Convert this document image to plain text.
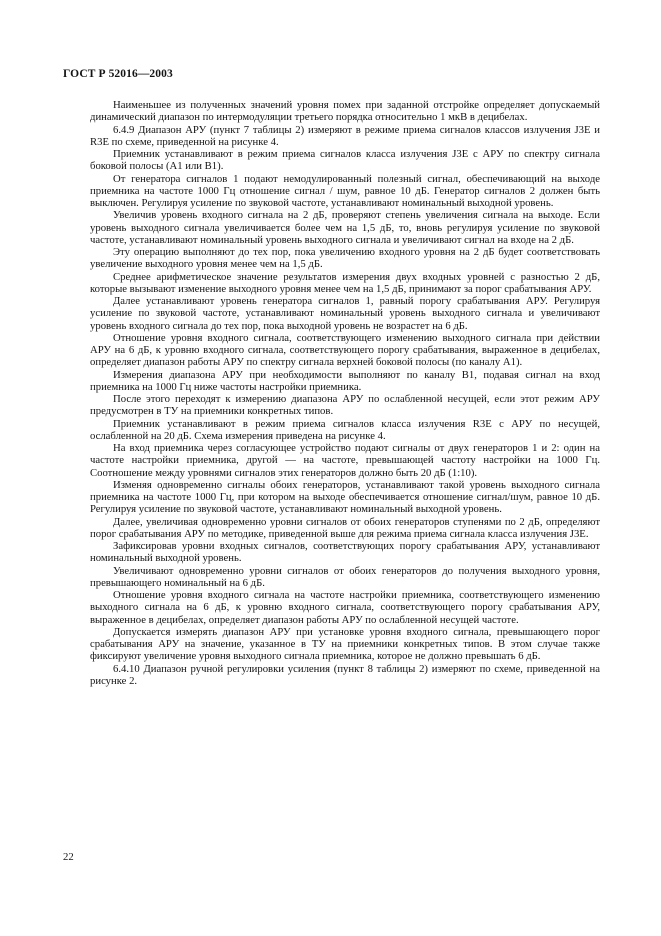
ГОСТ Р 52016—2003

Наименьшее из полученных значений уровня помех при заданной отстройке определяет допускаемый динамический диапазон по интермодуляции третьего порядка относительно 1 мкВ в децибелах.

6.4.9 Диапазон АРУ (пункт 7 таблицы 2) измеряют в режиме приема сигналов классов излучения J3E и R3E по схеме, приведенной на рисунке 4.

Приемник устанавливают в режим приема сигналов класса излучения J3E с АРУ по спектру сигнала боковой полосы (A1 или B1).

От генератора сигналов 1 подают немодулированный полезный сигнал, обеспечивающий на выходе приемника на частоте 1000 Гц отношение сигнал / шум, равное 10 дБ. Генератор сигналов 2 должен быть выключен. Регулируя усиление по звуковой частоте, устанавливают номинальный выходной уровень.

Увеличив уровень входного сигнала на 2 дБ, проверяют степень увеличения сигнала на выходе. Если уровень выходного сигнала увеличивается более чем на 1,5 дБ, то, вновь регулируя усиление по звуковой частоте, устанавливают номинальный уровень выходного сигнала и увеличивают сигнал на входе на 2 дБ.

Эту операцию выполняют до тех пор, пока увеличению входного уровня на 2 дБ будет соответствовать увеличение выходного уровня менее чем на 1,5 дБ.

Среднее арифметическое значение результатов измерения двух входных уровней с разностью 2 дБ, которые вызывают изменение выходного уровня менее чем на 1,5 дБ, принимают за порог срабатывания АРУ.

Далее устанавливают уровень генератора сигналов 1, равный порогу срабатывания АРУ. Регулируя усиление по звуковой частоте, устанавливают номинальный уровень выходного сигнала и увеличивают уровень входного сигнала до тех пор, пока выходной уровень не возрастет на 6 дБ.

Отношение уровня входного сигнала, соответствующего изменению выходного сигнала при действии АРУ на 6 дБ, к уровню входного сигнала, соответствующего порогу срабатывания, выраженное в децибелах, определяет диапазон работы АРУ по спектру сигнала верхней боковой полосы (по каналу A1).

Измерения диапазона АРУ при необходимости выполняют по каналу B1, подавая сигнал на вход приемника на 1000 Гц ниже частоты настройки приемника.

После этого переходят к измерению диапазона АРУ по ослабленной несущей, если этот режим АРУ предусмотрен в ТУ на приемники конкретных типов.

Приемник устанавливают в режим приема сигналов класса излучения R3E с АРУ по несущей, ослабленной на 20 дБ. Схема измерения приведена на рисунке 4.

На вход приемника через согласующее устройство подают сигналы от двух генераторов 1 и 2: один на частоте настройки приемника, другой — на частоте, превышающей частоту настройки на 1000 Гц. Соотношение между уровнями сигналов этих генераторов должно быть 20 дБ (1:10).

Изменяя одновременно сигналы обоих генераторов, устанавливают такой уровень выходного сигнала приемника на частоте 1000 Гц, при котором на выходе обеспечивается отношение сигнал/шум, равное 10 дБ. Регулируя усиление по звуковой частоте, устанавливают номинальный выходной уровень.

Далее, увеличивая одновременно уровни сигналов от обоих генераторов ступенями по 2 дБ, определяют порог срабатывания АРУ по методике, приведенной выше для режима приема сигнала класса излучения J3E.

Зафиксировав уровни входных сигналов, соответствующих порогу срабатывания АРУ, устанавливают номинальный выходной уровень.

Увеличивают одновременно уровни сигналов от обоих генераторов до получения выходного уровня, превышающего номинальный на 6 дБ.

Отношение уровня входного сигнала на частоте настройки приемника, соответствующего изменению выходного сигнала на 6 дБ, к уровню входного сигнала, соответствующего порогу срабатывания АРУ, выраженное в децибелах, определяет диапазон работы АРУ по ослабленной несущей частоте.

Допускается измерять диапазон АРУ при установке уровня входного сигнала, превышающего порог срабатывания АРУ на значение, указанное в ТУ на приемники конкретных типов. В этом случае также фиксируют увеличение уровня выходного сигнала приемника, которое не должно превышать 6 дБ.

6.4.10 Диапазон ручной регулировки усиления (пункт 8 таблицы 2) измеряют по схеме, приведенной на рисунке 2.

22
